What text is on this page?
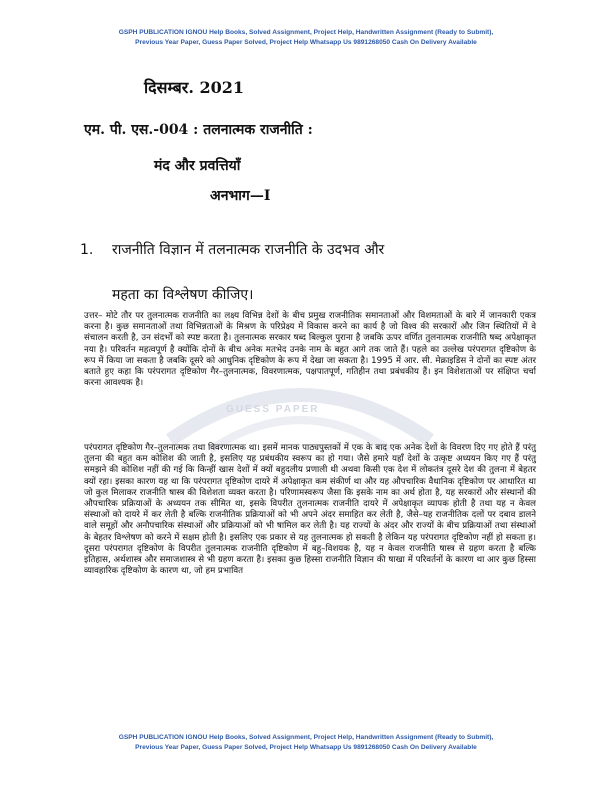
GSPH PUBLICATION IGNOU Help Books, Solved Assignment, Project Help, Handwritten Assignment (Ready to Submit),
Previous Year Paper, Guess Paper Solved, Project Help Whatsapp Us 9891268050 Cash On Delivery Available
GUESS PAPER
दिसम्बर. 2021
एम. पी. एस.-004 : तलनात्मक राजनीति :
मंद और प्रवत्तियाँ
अनभाग—I
1. राजनीति विज्ञान में तलनात्मक राजनीति के उदभव और
महता का विश्लेषण कीजिए।
उत्तर– मोटे तौर पर तुलनात्मक राजनीति का लक्ष्य विभिन्न देशों के बीच प्रमुख राजनीतिक समानताओं और विशमताओं के बारे में जानकारी एकत्र करना है। कुछ समानताओं तथा विभिन्नताओं के मिश्रण के परिप्रेक्ष्य में विकास करने का कार्य है जो विश्व की सरकारों और जिन स्थितियों में वे संचालन करती है, उन संदर्भों को स्पष्ट करता है। तुलनात्मक सरकार षब्द बिल्कुल पुराना है जबकि ऊपर वर्णित तुलनात्मक राजनीति षब्द अपेक्षाकृत नया है। परिवर्तन महत्वपूर्ण है क्योंकि दोनों के बीच अनेक मतभेद उनके नाम के बहुत आगे तक जाते हैं। पहले का उल्लेख परंपरागत दृष्टिकोण के रूप में किया जा सकता है जबकि दूसरे को आधुनिक दृष्टिकोण के रूप में देखा जा सकता है। 1995 में आर. सी. मेक्राइडिस ने दोनों का स्पष्ट अंतर बताते हुए कहा कि परंपरागत दृष्टिकोण गैर–तुलनात्मक, विवरणात्मक, पक्षपातपूर्ण, गतिहीन तथा प्रबंधकीय हैं। इन विशेशताओं पर संक्षिप्त चर्चा करना आवश्यक है।
परंपरागत दृष्टिकोण गैर–तुलनात्मक तथा विवरणात्मक था। इसमें मानक पाठ्यपुस्तकों में एक के बाद एक अनेक देशों के विवरण दिए गए होते हैं परंतु तुलना की बहुत कम कोशिश की जाती है, इसलिए यह प्रबंधकीय स्वरूप का हो गया। जैसे हमारे यहाँ देशों के उत्कृष्ट अध्ययन किए गए हैं परंतु समझने की कोशिश नहीं की गई कि किन्हीं खास देशों में क्यों बहुदलीय प्रणाली थी अथवा किसी एक देश में लोकतंत्र दूसरे देश की तुलना में बेहतर क्यों रहा। इसका कारण यह था कि परंपरागत दृष्टिकोण दायरे में अपेक्षाकृत कम संकीर्ण था और यह औपचारिक वैधानिक दृष्टिकोण पर आधारित था जो कुल मिलाकर राजनीति षास्त्र की विशेशता व्यक्त करता है। परिणामस्वरूप जैसा कि इसके नाम का अर्थ होता है, यह सरकारों और संस्थानों की औपचारिक प्रक्रियाओं के अध्ययन तक सीमित था, इसके विपरीत तुलनात्मक राजनीति दायरे में अपेक्षाकृत व्यापक होती है तथा यह न केवल संस्थाओं को दायरे में कर लेती है बल्कि राजनीतिक प्रक्रियाओं को भी अपने अंदर समाहित कर लेती है, जैसे–यह राजनीतिक दलों पर दबाव डालने वाले समूहों और अनौपचारिक संस्थाओं और प्रक्रियाओं को भी षामिल कर लेती है। यह राज्यों के अंदर और राज्यों के बीच प्रक्रियाओं तथा संस्थाओं के बेहतर विश्लेषण को करने में सक्षम होती है। इसलिए एक प्रकार से यह तुलनात्मक हो सकती है लेकिन यह परंपरागत दृष्टिकोण नहीं हो सकता ह। दूसरा परंपरागत दृष्टिकोण के विपरीत तुलनात्मक राजनीति दृष्टिकोण में बहु–विशयक है, यह न केवल राजनीति षास्त्र से ग्रहण करता है बल्कि इतिहास, अर्थशास्त्र और समाजशास्त्र से भी ग्रहण करता है। इसका कुछ हिस्सा राजनीति विज्ञान की षाखा में परिवर्तनों के कारण था आर कुछ हिस्सा व्यावहारिक दृष्टिकोण के कारण था, जो हम प्रभावित
GSPH PUBLICATION IGNOU Help Books, Solved Assignment, Project Help, Handwritten Assignment (Ready to Submit),
Previous Year Paper, Guess Paper Solved, Project Help Whatsapp Us 9891268050 Cash On Delivery Available
